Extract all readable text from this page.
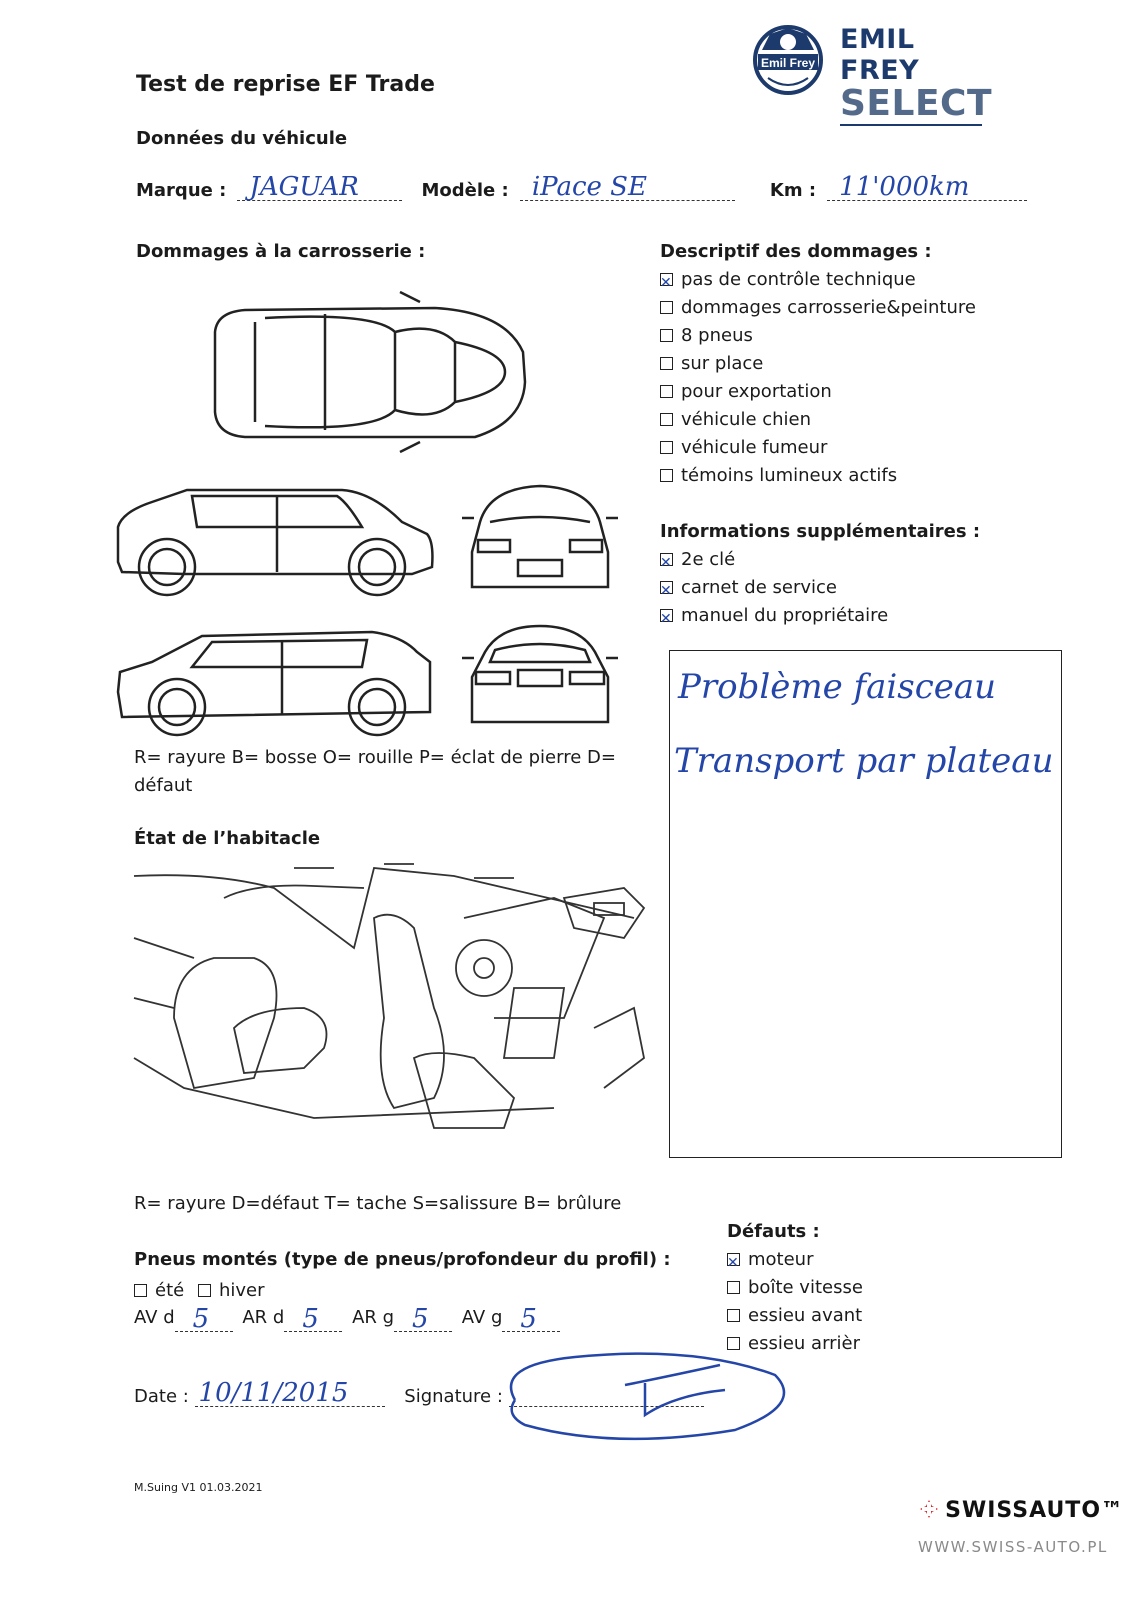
Emil Frey
EMIL FREY
SELECT
Test de reprise EF Trade
Données du véhicule
Marque : JAGUAR	Modèle : iPace SE	Km : 11'000km
Dommages à la carrosserie :
R= rayure B= bosse O= rouille P= éclat de pierre D= défaut
Descriptif des dommages :
✕pas de contrôle technique
dommages carrosserie&peinture
8 pneus
sur place
pour exportation
véhicule chien
véhicule fumeur
témoins lumineux actifs
Informations supplémentaires :
✕2e clé
✕carnet de service
✕manuel du propriétaire
Problème faisceau
Transport par plateau
État de l’habitacle
R= rayure D=défaut T= tache S=salissure B= brûlure
Pneus montés (type de pneus/profondeur du profil) :
été hiver
AV d 5 AR d 5 AR g 5 AV g 5
Défauts :
✕moteur
boîte vitesse
essieu avant
essieu arrièr
Date : 10/11/2015	Signature :
M.Suing V1 01.03.2021
SWISSAUTO™
WWW.SWISS-AUTO.PL
